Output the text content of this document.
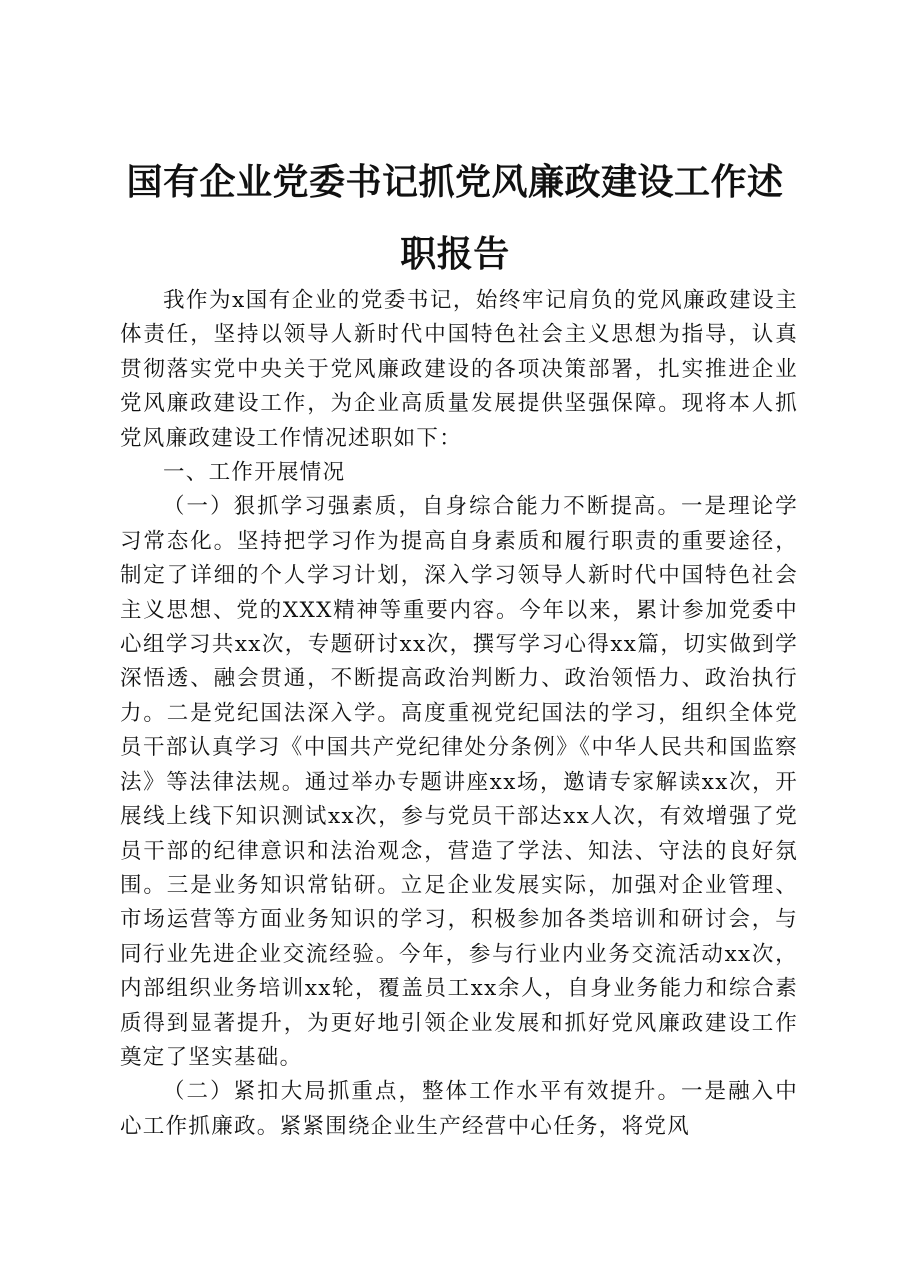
国有企业党委书记抓党风廉政建设工作述职报告

我作为x国有企业的党委书记，始终牢记肩负的党风廉政建设主体责任，坚持以领导人新时代中国特色社会主义思想为指导，认真贯彻落实党中央关于党风廉政建设的各项决策部署，扎实推进企业党风廉政建设工作，为企业高质量发展提供坚强保障。现将本人抓党风廉政建设工作情况述职如下：

一、工作开展情况

（一）狠抓学习强素质，自身综合能力不断提高。一是理论学习常态化。坚持把学习作为提高自身素质和履行职责的重要途径，制定了详细的个人学习计划，深入学习领导人新时代中国特色社会主义思想、党的XXX精神等重要内容。今年以来，累计参加党委中心组学习共xx次，专题研讨xx次，撰写学习心得xx篇，切实做到学深悟透、融会贯通，不断提高政治判断力、政治领悟力、政治执行力。二是党纪国法深入学。高度重视党纪国法的学习，组织全体党员干部认真学习《中国共产党纪律处分条例》《中华人民共和国监察法》等法律法规。通过举办专题讲座xx场，邀请专家解读xx次，开展线上线下知识测试xx次，参与党员干部达xx人次，有效增强了党员干部的纪律意识和法治观念，营造了学法、知法、守法的良好氛围。三是业务知识常钻研。立足企业发展实际，加强对企业管理、市场运营等方面业务知识的学习，积极参加各类培训和研讨会，与同行业先进企业交流经验。今年，参与行业内业务交流活动xx次，内部组织业务培训xx轮，覆盖员工xx余人，自身业务能力和综合素质得到显著提升，为更好地引领企业发展和抓好党风廉政建设工作奠定了坚实基础。

（二）紧扣大局抓重点，整体工作水平有效提升。一是融入中心工作抓廉政。紧紧围绕企业生产经营中心任务，将党风
